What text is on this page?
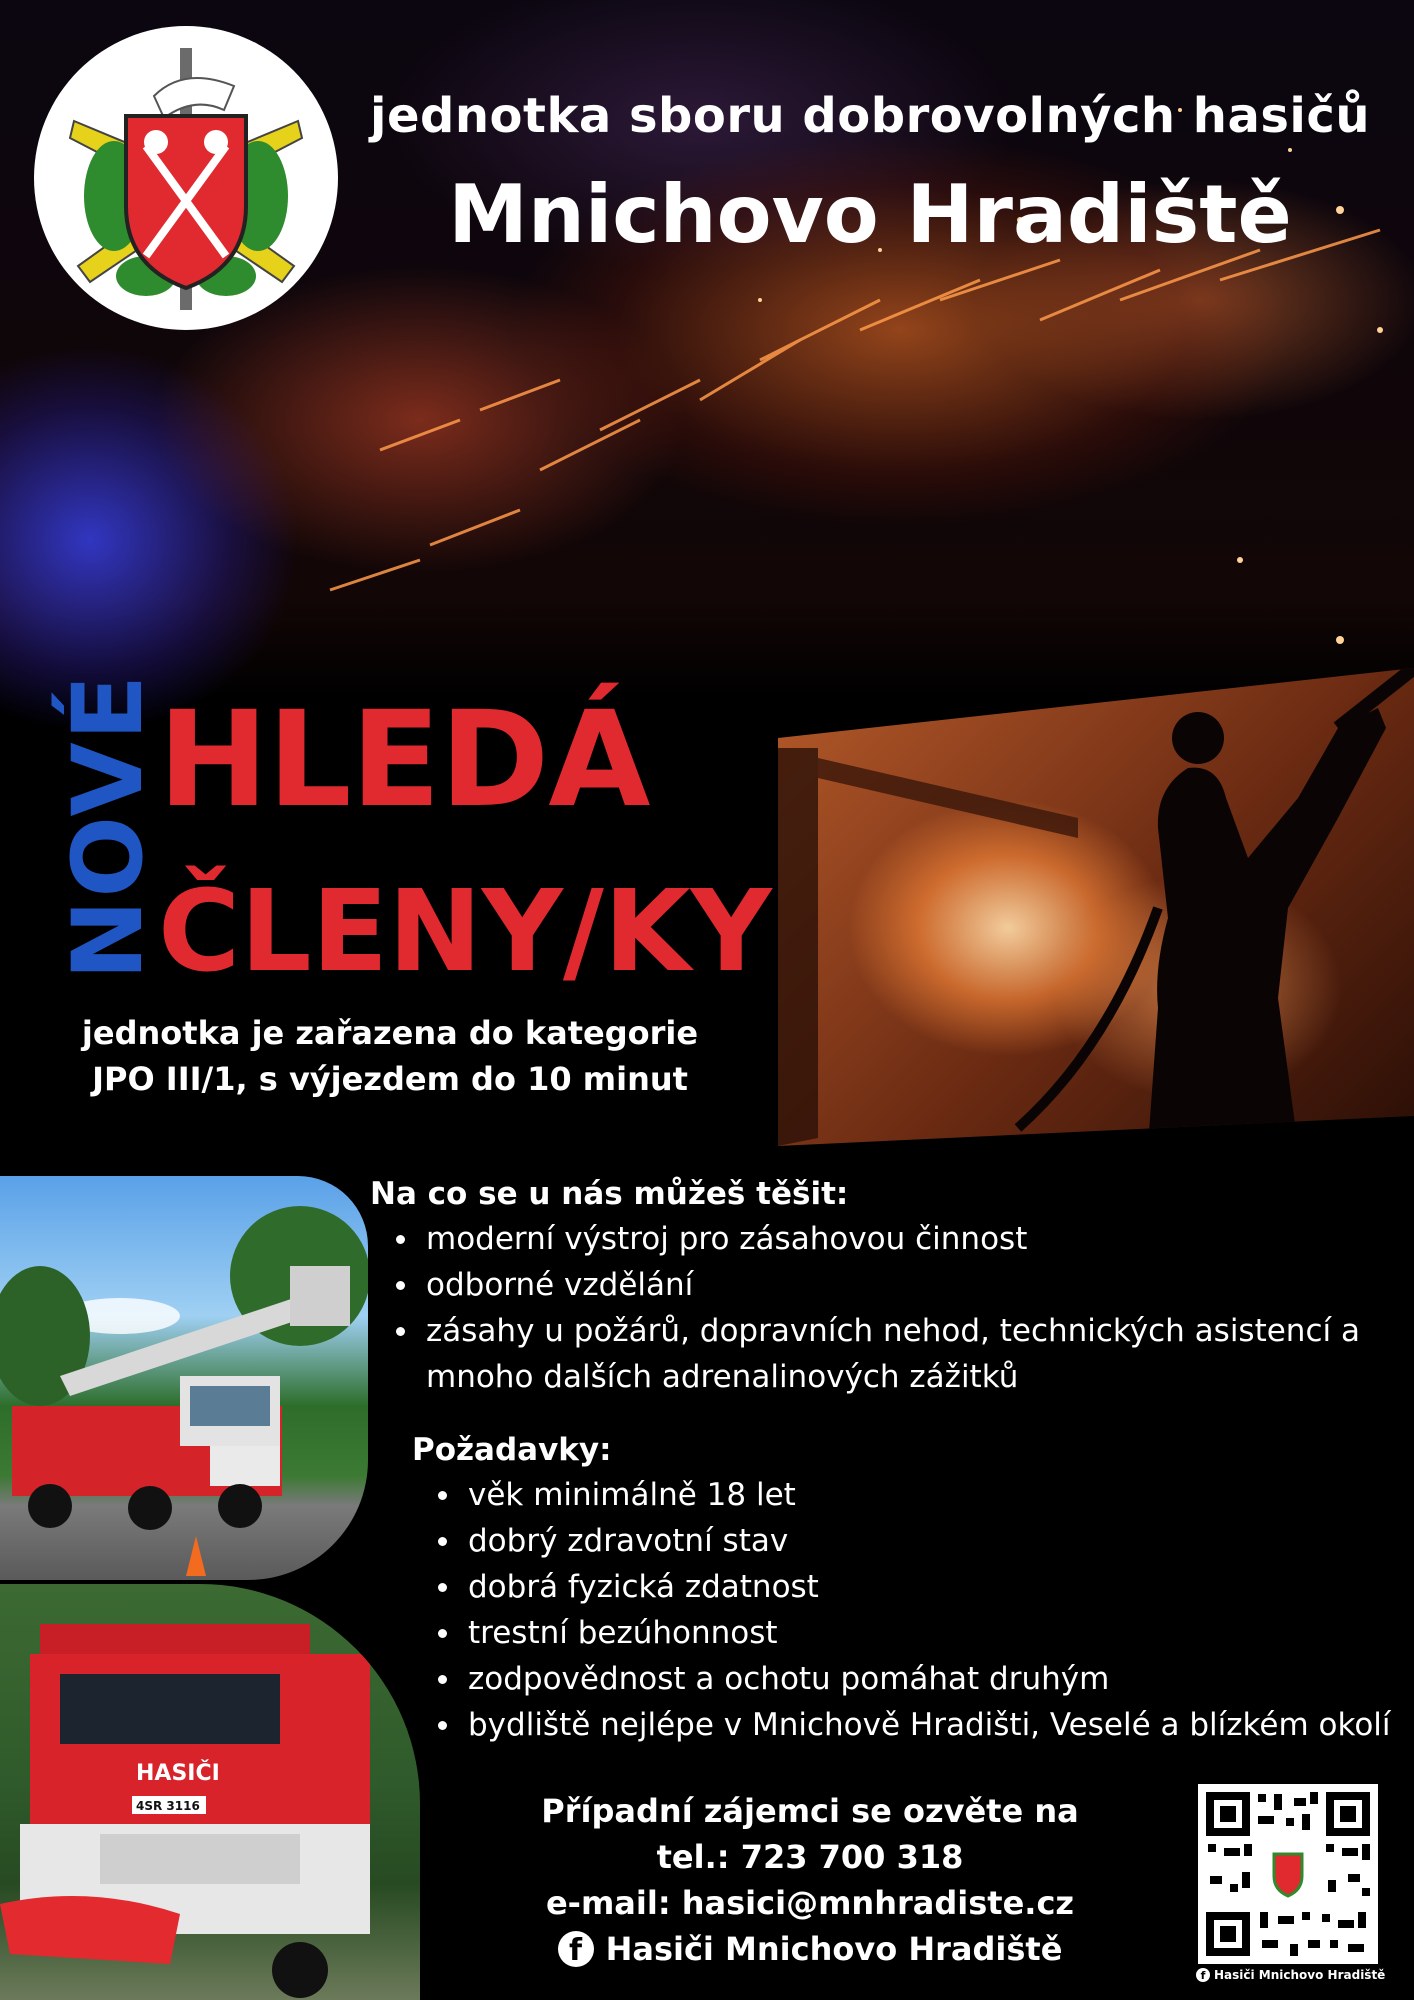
jednotka sboru dobrovolných hasičů
Mnichovo Hradiště
NOVÉ
HLEDÁ
ČLENY/KY
jednotka je zařazena do kategorie
JPO III/1, s výjezdem do 10 minut
HASIČI
4SR 3116
Na co se u nás můžeš těšit:
moderní výstroj pro zásahovou činnost
odborné vzdělání
zásahy u požárů, dopravních nehod, technických asistencí a mnoho dalších adrenalinových zážitků
Požadavky:
věk minimálně 18 let
dobrý zdravotní stav
dobrá fyzická zdatnost
trestní bezúhonnost
zodpovědnost a ochotu pomáhat druhým
bydliště nejlépe v Mnichově Hradišti, Veselé a blízkém okolí
Případní zájemci se ozvěte na
tel.: 723 700 318
e-mail: hasici@mnhradiste.cz
f Hasiči Mnichovo Hradiště
f Hasiči Mnichovo Hradiště
